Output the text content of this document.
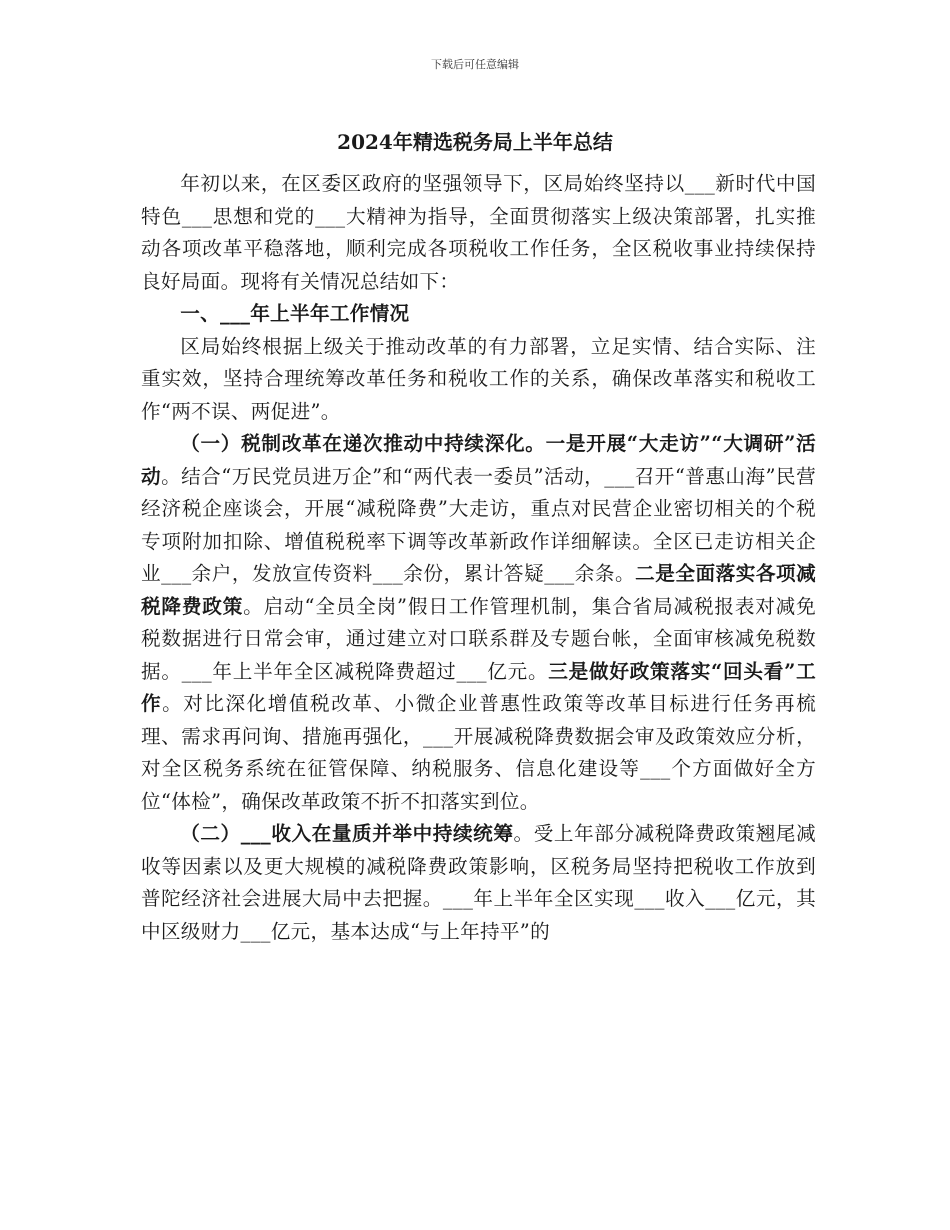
下载后可任意编辑
2024年精选税务局上半年总结

年初以来，在区委区政府的坚强领导下，区局始终坚持以___新时代中国特色___思想和党的___大精神为指导，全面贯彻落实上级决策部署，扎实推动各项改革平稳落地，顺利完成各项税收工作任务，全区税收事业持续保持良好局面。现将有关情况总结如下：

一、___年上半年工作情况

区局始终根据上级关于推动改革的有力部署，立足实情、结合实际、注重实效，坚持合理统筹改革任务和税收工作的关系，确保改革落实和税收工作“两不误、两促进”。

（一）税制改革在递次推动中持续深化。一是开展“大走访”“大调研”活动。结合“万民党员进万企”和“两代表一委员”活动，___召开“普惠山海”民营经济税企座谈会，开展“减税降费”大走访，重点对民营企业密切相关的个税专项附加扣除、增值税税率下调等改革新政作详细解读。全区已走访相关企业___余户，发放宣传资料___余份，累计答疑___余条。二是全面落实各项减税降费政策。启动“全员全岗”假日工作管理机制，集合省局减税报表对减免税数据进行日常会审，通过建立对口联系群及专题台帐，全面审核减免税数据。___年上半年全区减税降费超过___亿元。三是做好政策落实“回头看”工作。对比深化增值税改革、小微企业普惠性政策等改革目标进行任务再梳理、需求再问询、措施再强化，___开展减税降费数据会审及政策效应分析，对全区税务系统在征管保障、纳税服务、信息化建设等___个方面做好全方位“体检”，确保改革政策不折不扣落实到位。

（二）___收入在量质并举中持续统筹。受上年部分减税降费政策翘尾减收等因素以及更大规模的减税降费政策影响，区税务局坚持把税收工作放到普陀经济社会进展大局中去把握。___年上半年全区实现___收入___亿元，其中区级财力___亿元，基本达成“与上年持平”的
